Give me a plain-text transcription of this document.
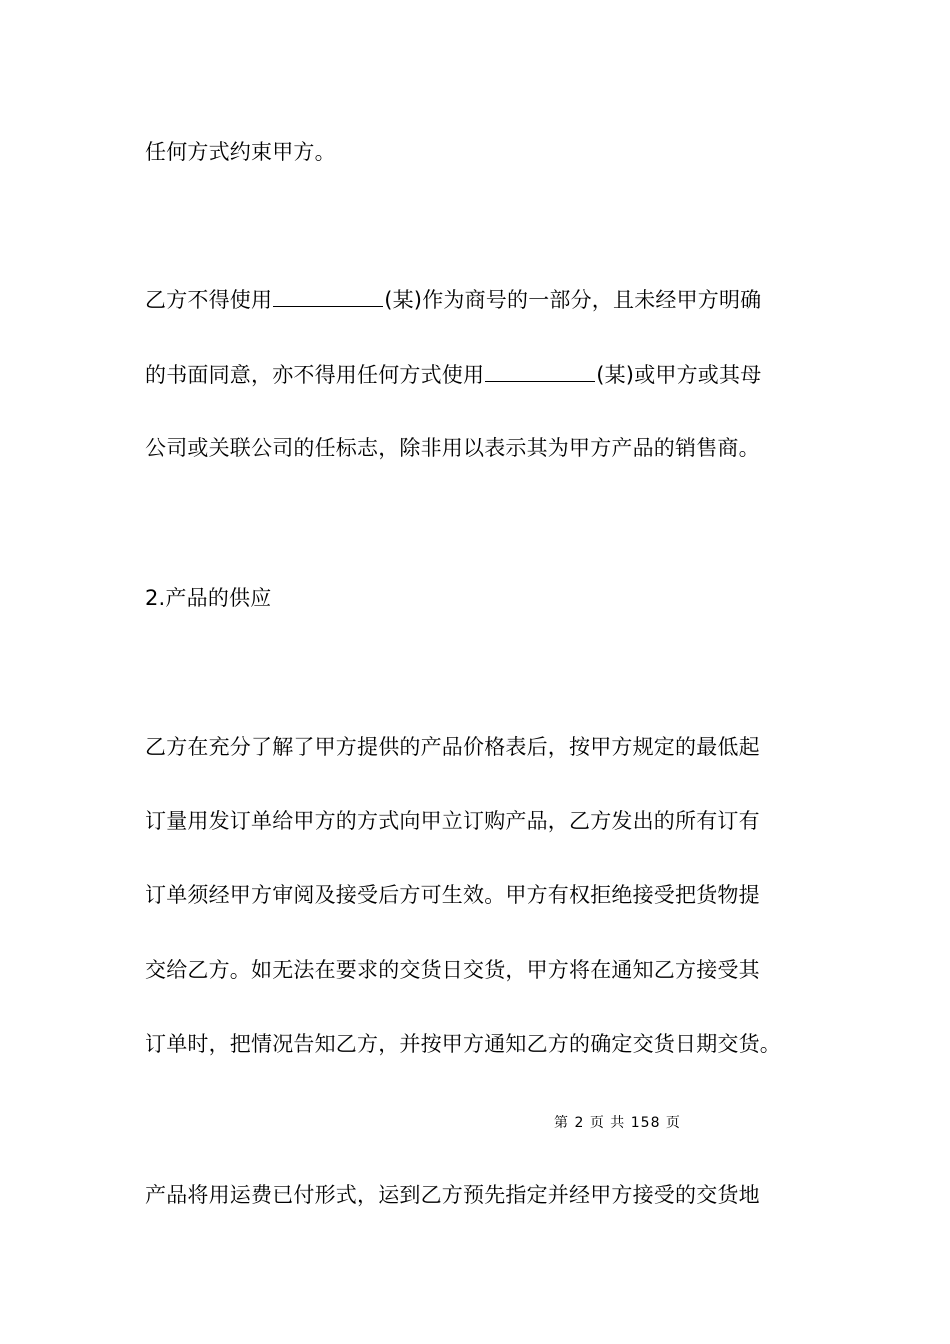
任何方式约束甲方。
乙方不得使用	(某)作为商号的一部分，且未经甲方明确
的书面同意，亦不得用任何方式使用	(某)或甲方或其母
公司或关联公司的任标志，除非用以表示其为甲方产品的销售商。
2.产品的供应
乙方在充分了解了甲方提供的产品价格表后，按甲方规定的最低起
订量用发订单给甲方的方式向甲立订购产品，乙方发出的所有订有
订单须经甲方审阅及接受后方可生效。甲方有权拒绝接受把货物提
交给乙方。如无法在要求的交货日交货，甲方将在通知乙方接受其
订单时，把情况告知乙方，并按甲方通知乙方的确定交货日期交货。
第 2 页 共 158 页
产品将用运费已付形式，运到乙方预先指定并经甲方接受的交货地
